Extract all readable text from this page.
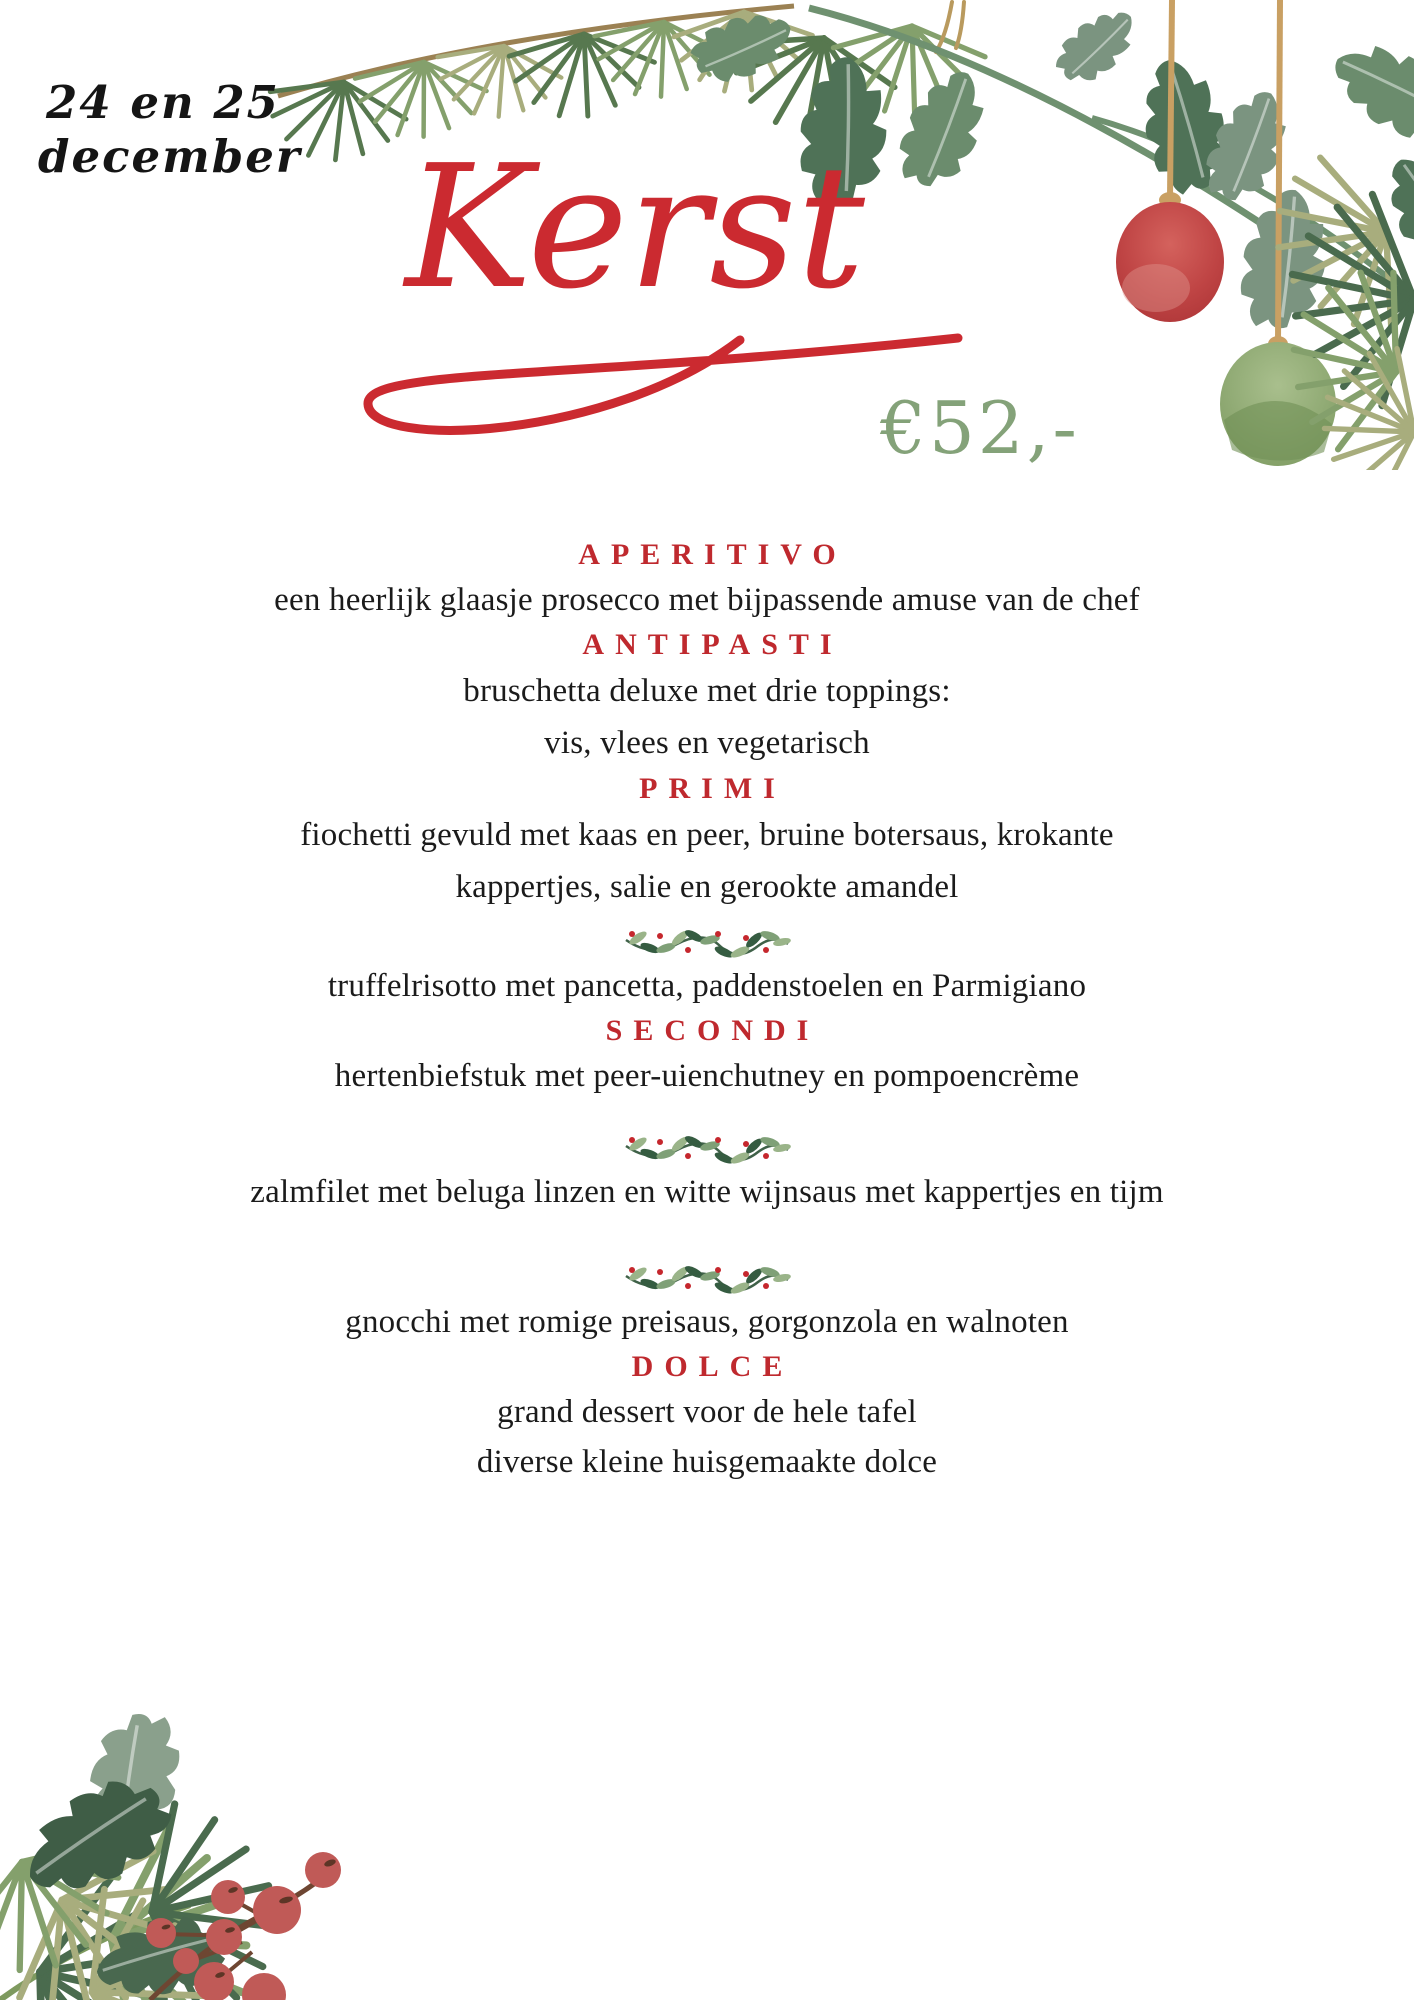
24 en 25
december Kerst
€52,-
APERITIVO

een heerlijk glaasje prosecco met bijpassende amuse van de chef

ANTIPASTI

bruschetta deluxe met drie toppings:

vis, vlees en vegetarisch

PRIMI

fiochetti gevuld met kaas en peer, bruine botersaus, krokante

kappertjes, salie en gerookte amandel

truffelrisotto met pancetta, paddenstoelen en Parmigiano

SECONDI

hertenbiefstuk met peer-uienchutney en pompoencrème

zalmfilet met beluga linzen en witte wijnsaus met kappertjes en tijm

gnocchi met romige preisaus, gorgonzola en walnoten

DOLCE

grand dessert voor de hele tafel

diverse kleine huisgemaakte dolce
